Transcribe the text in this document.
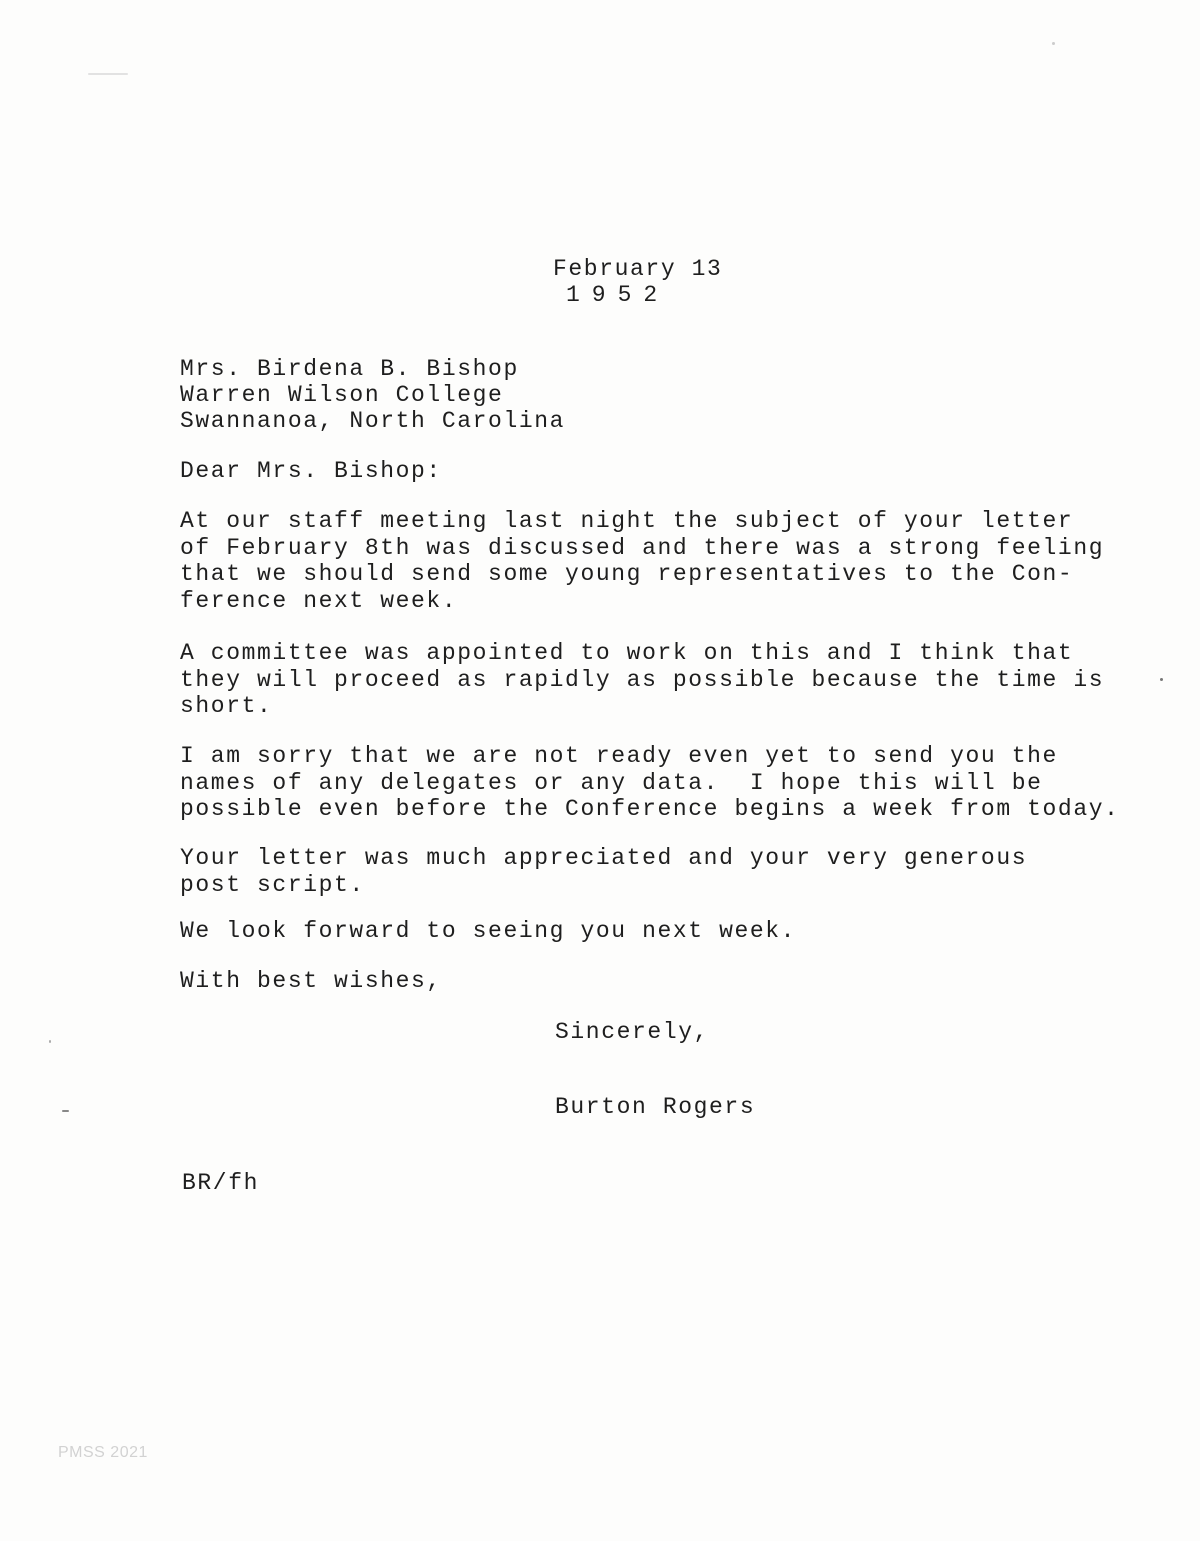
February 13
1952
Mrs. Birdena B. Bishop
Warren Wilson College
Swannanoa, North Carolina
Dear Mrs. Bishop:
At our staff meeting last night the subject of your letter
of February 8th was discussed and there was a strong feeling
that we should send some young representatives to the Con-
ference next week.
A committee was appointed to work on this and I think that
they will proceed as rapidly as possible because the time is
short.
I am sorry that we are not ready even yet to send you the
names of any delegates or any data.  I hope this will be
possible even before the Conference begins a week from today.
Your letter was much appreciated and your very generous
post script.
We look forward to seeing you next week.
With best wishes,
Sincerely,
Burton Rogers
BR/fh
PMSS 2021
